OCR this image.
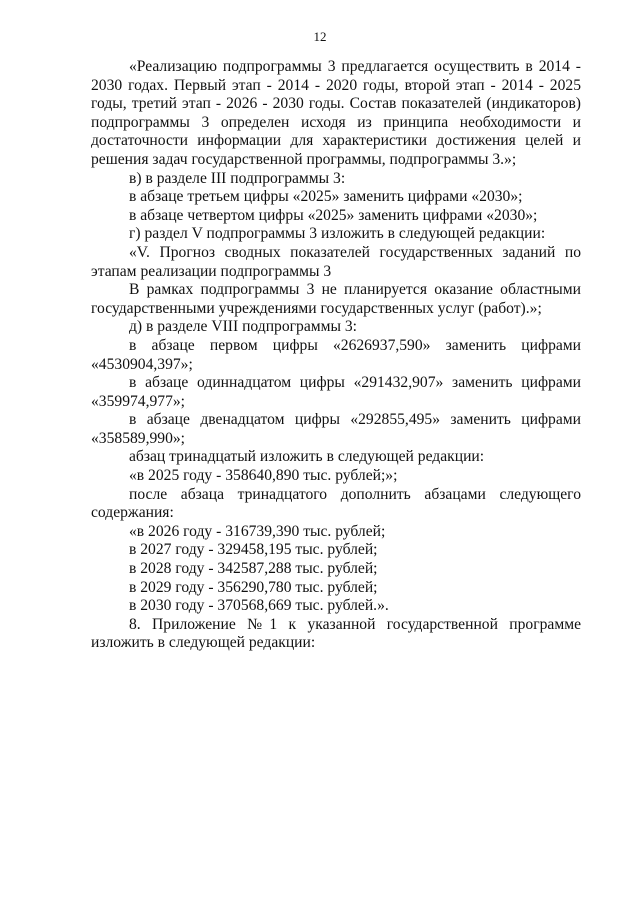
12

«Реализацию подпрограммы 3 предлагается осуществить в 2014 - 2030 годах. Первый этап - 2014 - 2020 годы, второй этап - 2014 - 2025 годы, третий этап - 2026 - 2030 годы. Состав показателей (индикаторов) подпрограммы 3 определен исходя из принципа необходимости и достаточности информации для характеристики достижения целей и решения задач государственной программы, подпрограммы 3.»;

в) в разделе III подпрограммы 3:

в абзаце третьем цифры «2025» заменить цифрами «2030»;

в абзаце четвертом цифры «2025» заменить цифрами «2030»;

г) раздел V подпрограммы 3 изложить в следующей редакции:

«V. Прогноз сводных показателей государственных заданий по этапам реализации подпрограммы 3

В рамках подпрограммы 3 не планируется оказание областными государственными учреждениями государственных услуг (работ).»;

д) в разделе VIII подпрограммы 3:

в абзаце первом цифры «2626937,590» заменить цифрами «4530904,397»;

в абзаце одиннадцатом цифры «291432,907» заменить цифрами «359974,977»;

в абзаце двенадцатом цифры «292855,495» заменить цифрами «358589,990»;

абзац тринадцатый изложить в следующей редакции:

«в 2025 году - 358640,890 тыс. рублей;»;

после абзаца тринадцатого дополнить абзацами следующего содержания:

«в 2026 году - 316739,390 тыс. рублей;

в 2027 году - 329458,195 тыс. рублей;

в 2028 году - 342587,288 тыс. рублей;

в 2029 году - 356290,780 тыс. рублей;

в 2030 году - 370568,669 тыс. рублей.».

8. Приложение №1 к указанной государственной программе изложить в следующей редакции:
